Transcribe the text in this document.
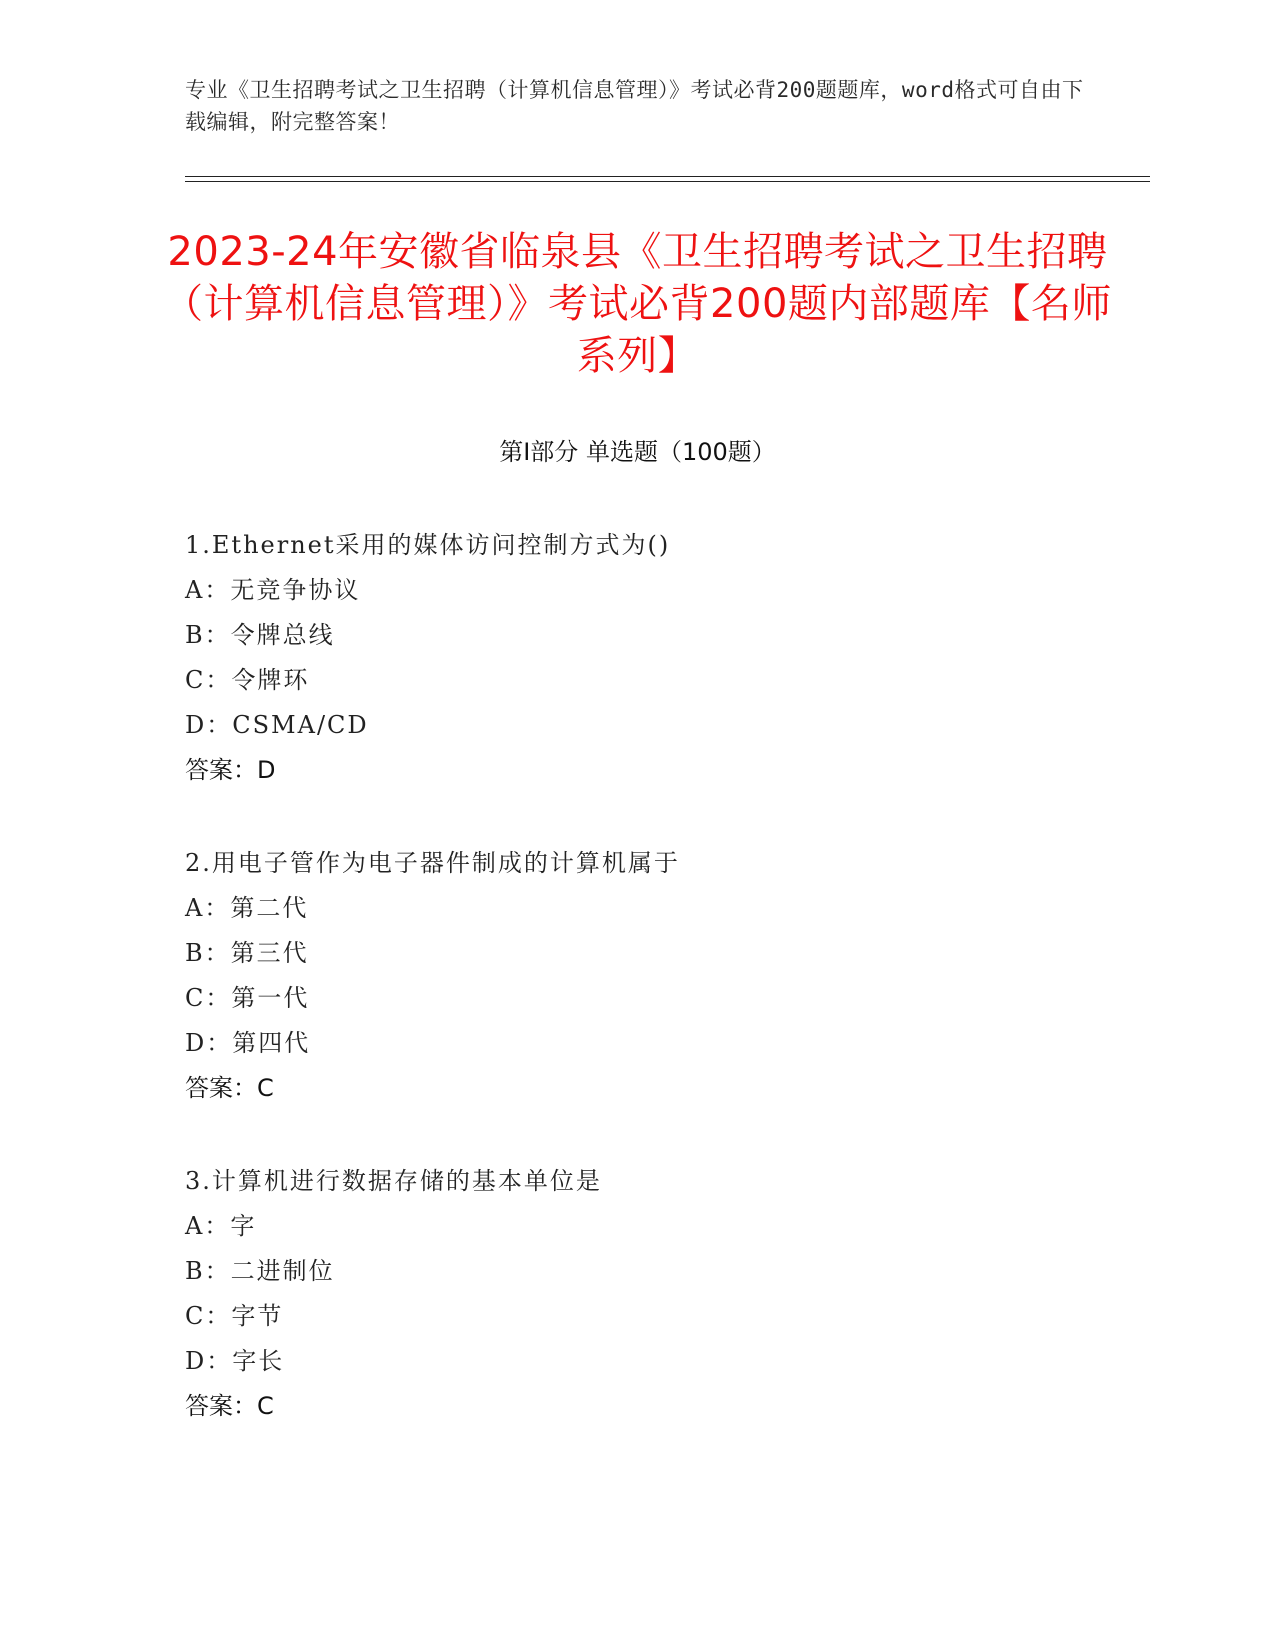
专业《卫生招聘考试之卫生招聘（计算机信息管理）》考试必背200题题库，word格式可自由下载编辑，附完整答案！
2023-24年安徽省临泉县《卫生招聘考试之卫生招聘（计算机信息管理）》考试必背200题内部题库【名师系列】
第I部分 单选题（100题）
1.Ethernet采用的媒体访问控制方式为()
A：无竞争协议
B：令牌总线
C：令牌环
D：CSMA/CD
答案：D
2.用电子管作为电子器件制成的计算机属于
A：第二代
B：第三代
C：第一代
D：第四代
答案：C
3.计算机进行数据存储的基本单位是
A：字
B：二进制位
C：字节
D：字长
答案：C
